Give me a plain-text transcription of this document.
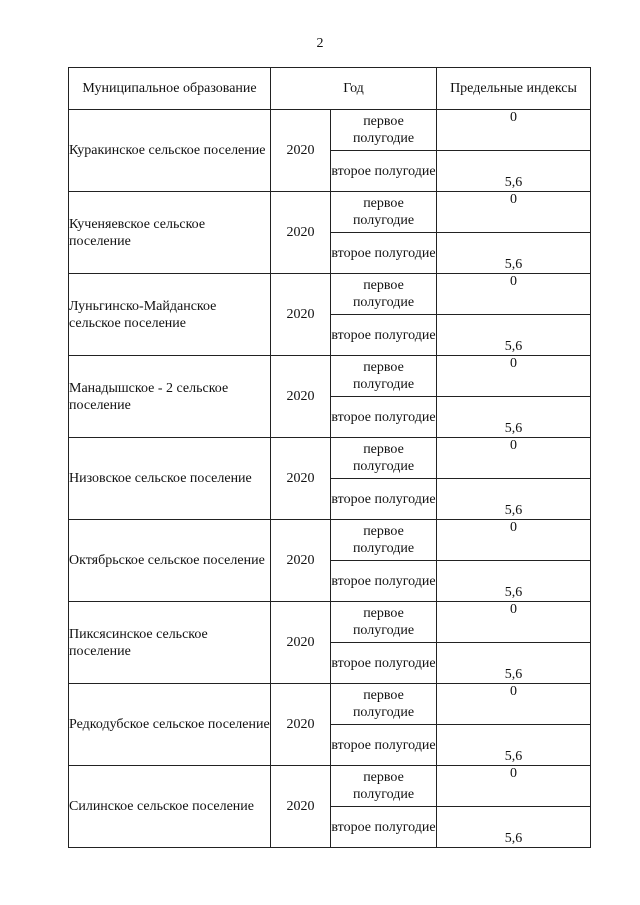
2
Муниципальное образование	Год		Предельные индексы
Куракинское сельское поселение	2020	первое полугодие	0
		второе полугодие	5,6
Кученяевское сельское поселение	2020	первое полугодие	0
		второе полугодие	5,6
Луньгинско-Майданское сельское поселение	2020	первое полугодие	0
		второе полугодие	5,6
Манадышское - 2 сельское поселение	2020	первое полугодие	0
		второе полугодие	5,6
Низовское сельское поселение	2020	первое полугодие	0
		второе полугодие	5,6
Октябрьское сельское поселение	2020	первое полугодие	0
		второе полугодие	5,6
Пиксясинское сельское поселение	2020	первое полугодие	0
		второе полугодие	5,6
Редкодубское сельское поселение	2020	первое полугодие	0
		второе полугодие	5,6
Силинское сельское поселение	2020	первое полугодие	0
		второе полугодие	5,6
